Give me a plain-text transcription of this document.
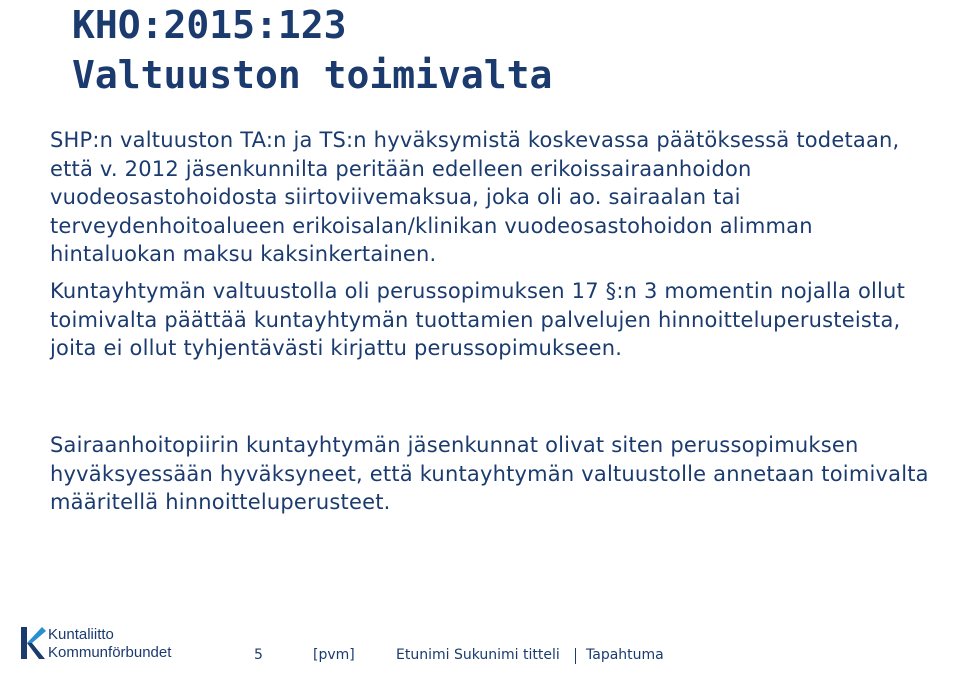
KHO:2015:123
Valtuuston toimivalta

SHP:n valtuuston TA:n ja TS:n hyväksymistä koskevassa päätöksessä todetaan, että v. 2012 jäsenkunnilta peritään edelleen erikoissairaanhoidon vuodeosastohoidosta siirtoviivemaksua, joka oli ao. sairaalan tai terveydenhoitoalueen erikoisalan/klinikan vuodeosastohoidon alimman hintaluokan maksu kaksinkertainen.

Kuntayhtymän valtuustolla oli perussopimuksen 17 §:n 3 momentin nojalla ollut toimivalta päättää kuntayhtymän tuottamien palvelujen hinnoitteluperusteista, joita ei ollut tyhjentävästi kirjattu perussopimukseen.

Sairaanhoitopiirin kuntayhtymän jäsenkunnat olivat siten perussopimuksen hyväksyessään hyväksyneet, että kuntayhtymän valtuustolle annetaan toimivalta määritellä hinnoitteluperusteet.

Kuntaliitto
Kommunförbundet	5	[pvm]	Etunimi Sukunimi titteli Tapahtuma
